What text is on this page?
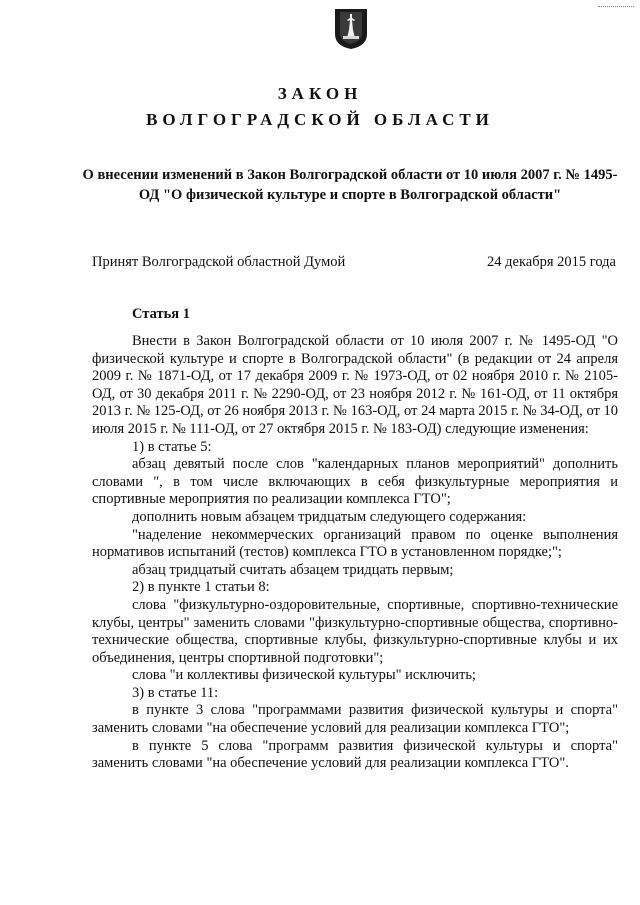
ЗАКОН
ВОЛГОГРАДСКОЙ ОБЛАСТИ
О внесении изменений в Закон Волгоградской области от 10 июля 2007 г. № 1495-ОД "О физической культуре и спорте в Волгоградской области"
Принят Волгоградской областной Думой	24 декабря 2015 года
Статья 1

Внести в Закон Волгоградской области от 10 июля 2007 г. № 1495-ОД "О физической культуре и спорте в Волгоградской области" (в редакции от 24 апреля 2009 г. № 1871-ОД, от 17 декабря 2009 г. № 1973-ОД, от 02 ноября 2010 г. № 2105-ОД, от 30 декабря 2011 г. № 2290-ОД, от 23 ноября 2012 г. № 161-ОД, от 11 октября 2013 г. № 125-ОД, от 26 ноября 2013 г. № 163-ОД, от 24 марта 2015 г. № 34-ОД, от 10 июля 2015 г. № 111-ОД, от 27 октября 2015 г. № 183-ОД) следующие изменения:

1) в статье 5:

абзац девятый после слов "календарных планов мероприятий" дополнить словами ", в том числе включающих в себя физкультурные мероприятия и спортивные мероприятия по реализации комплекса ГТО";

дополнить новым абзацем тридцатым следующего содержания:

"наделение некоммерческих организаций правом по оценке выполнения нормативов испытаний (тестов) комплекса ГТО в установленном порядке;";

абзац тридцатый считать абзацем тридцать первым;

2) в пункте 1 статьи 8:

слова "физкультурно-оздоровительные, спортивные, спортивно-технические клубы, центры" заменить словами "физкультурно-спортивные общества, спортивно-технические общества, спортивные клубы, физкультурно-спортивные клубы и их объединения, центры спортивной подготовки";

слова "и коллективы физической культуры" исключить;

3) в статье 11:

в пункте 3 слова "программами развития физической культуры и спорта" заменить словами "на обеспечение условий для реализации комплекса ГТО";

в пункте 5 слова "программ развития физической культуры и спорта" заменить словами "на обеспечение условий для реализации комплекса ГТО".
